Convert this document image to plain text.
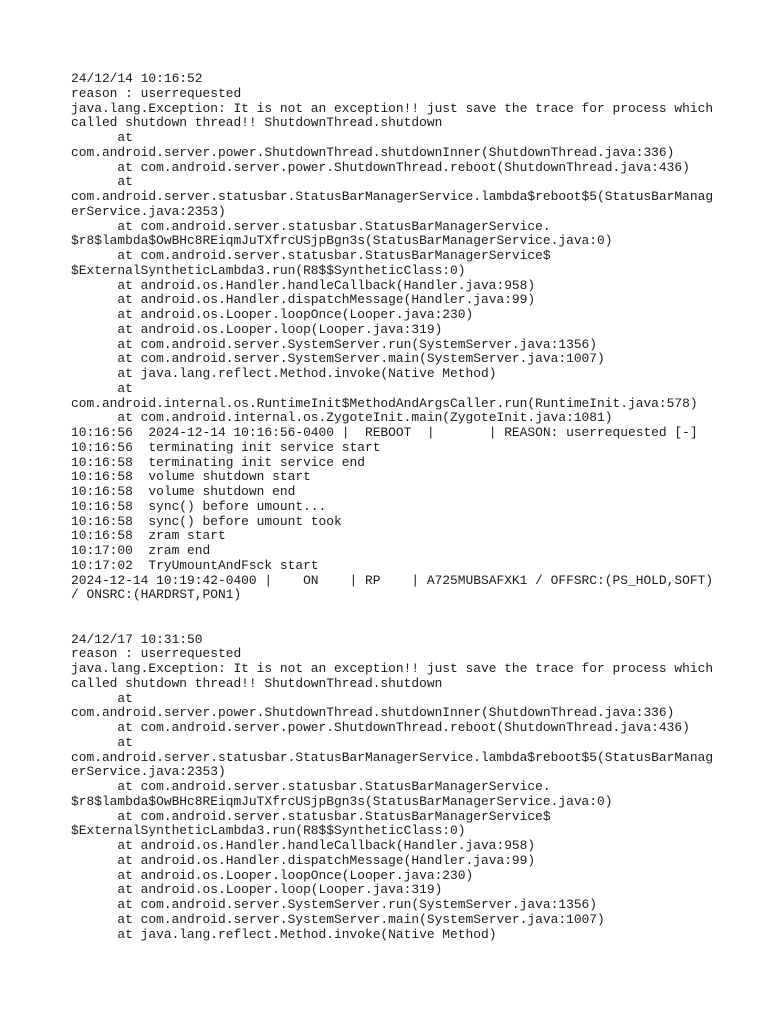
24/12/14 10:16:52
reason : userrequested
java.lang.Exception: It is not an exception!! just save the trace for process which
called shutdown thread!! ShutdownThread.shutdown
at
com.android.server.power.ShutdownThread.shutdownInner(ShutdownThread.java:336)
at com.android.server.power.ShutdownThread.reboot(ShutdownThread.java:436)
at
com.android.server.statusbar.StatusBarManagerService.lambda$reboot$5(StatusBarManag
erService.java:2353)
at com.android.server.statusbar.StatusBarManagerService.
$r8$lambda$OwBHc8REiqmJuTXfrcUSjpBgn3s(StatusBarManagerService.java:0)
at com.android.server.statusbar.StatusBarManagerService$
$ExternalSyntheticLambda3.run(R8$$SyntheticClass:0)
at android.os.Handler.handleCallback(Handler.java:958)
at android.os.Handler.dispatchMessage(Handler.java:99)
at android.os.Looper.loopOnce(Looper.java:230)
at android.os.Looper.loop(Looper.java:319)
at com.android.server.SystemServer.run(SystemServer.java:1356)
at com.android.server.SystemServer.main(SystemServer.java:1007)
at java.lang.reflect.Method.invoke(Native Method)
at
com.android.internal.os.RuntimeInit$MethodAndArgsCaller.run(RuntimeInit.java:578)
at com.android.internal.os.ZygoteInit.main(ZygoteInit.java:1081)
10:16:56  2024-12-14 10:16:56-0400 |  REBOOT  |       | REASON: userrequested [-]
10:16:56  terminating init service start
10:16:58  terminating init service end
10:16:58  volume shutdown start
10:16:58  volume shutdown end
10:16:58  sync() before umount...
10:16:58  sync() before umount took
10:16:58  zram start
10:17:00  zram end
10:17:02  TryUmountAndFsck start
2024-12-14 10:19:42-0400 |    ON    | RP    | A725MUBSAFXK1 / OFFSRC:(PS_HOLD,SOFT)
/ ONSRC:(HARDRST,PON1)
24/12/17 10:31:50
reason : userrequested
java.lang.Exception: It is not an exception!! just save the trace for process which
called shutdown thread!! ShutdownThread.shutdown
at
com.android.server.power.ShutdownThread.shutdownInner(ShutdownThread.java:336)
at com.android.server.power.ShutdownThread.reboot(ShutdownThread.java:436)
at
com.android.server.statusbar.StatusBarManagerService.lambda$reboot$5(StatusBarManag
erService.java:2353)
at com.android.server.statusbar.StatusBarManagerService.
$r8$lambda$OwBHc8REiqmJuTXfrcUSjpBgn3s(StatusBarManagerService.java:0)
at com.android.server.statusbar.StatusBarManagerService$
$ExternalSyntheticLambda3.run(R8$$SyntheticClass:0)
at android.os.Handler.handleCallback(Handler.java:958)
at android.os.Handler.dispatchMessage(Handler.java:99)
at android.os.Looper.loopOnce(Looper.java:230)
at android.os.Looper.loop(Looper.java:319)
at com.android.server.SystemServer.run(SystemServer.java:1356)
at com.android.server.SystemServer.main(SystemServer.java:1007)
at java.lang.reflect.Method.invoke(Native Method)
